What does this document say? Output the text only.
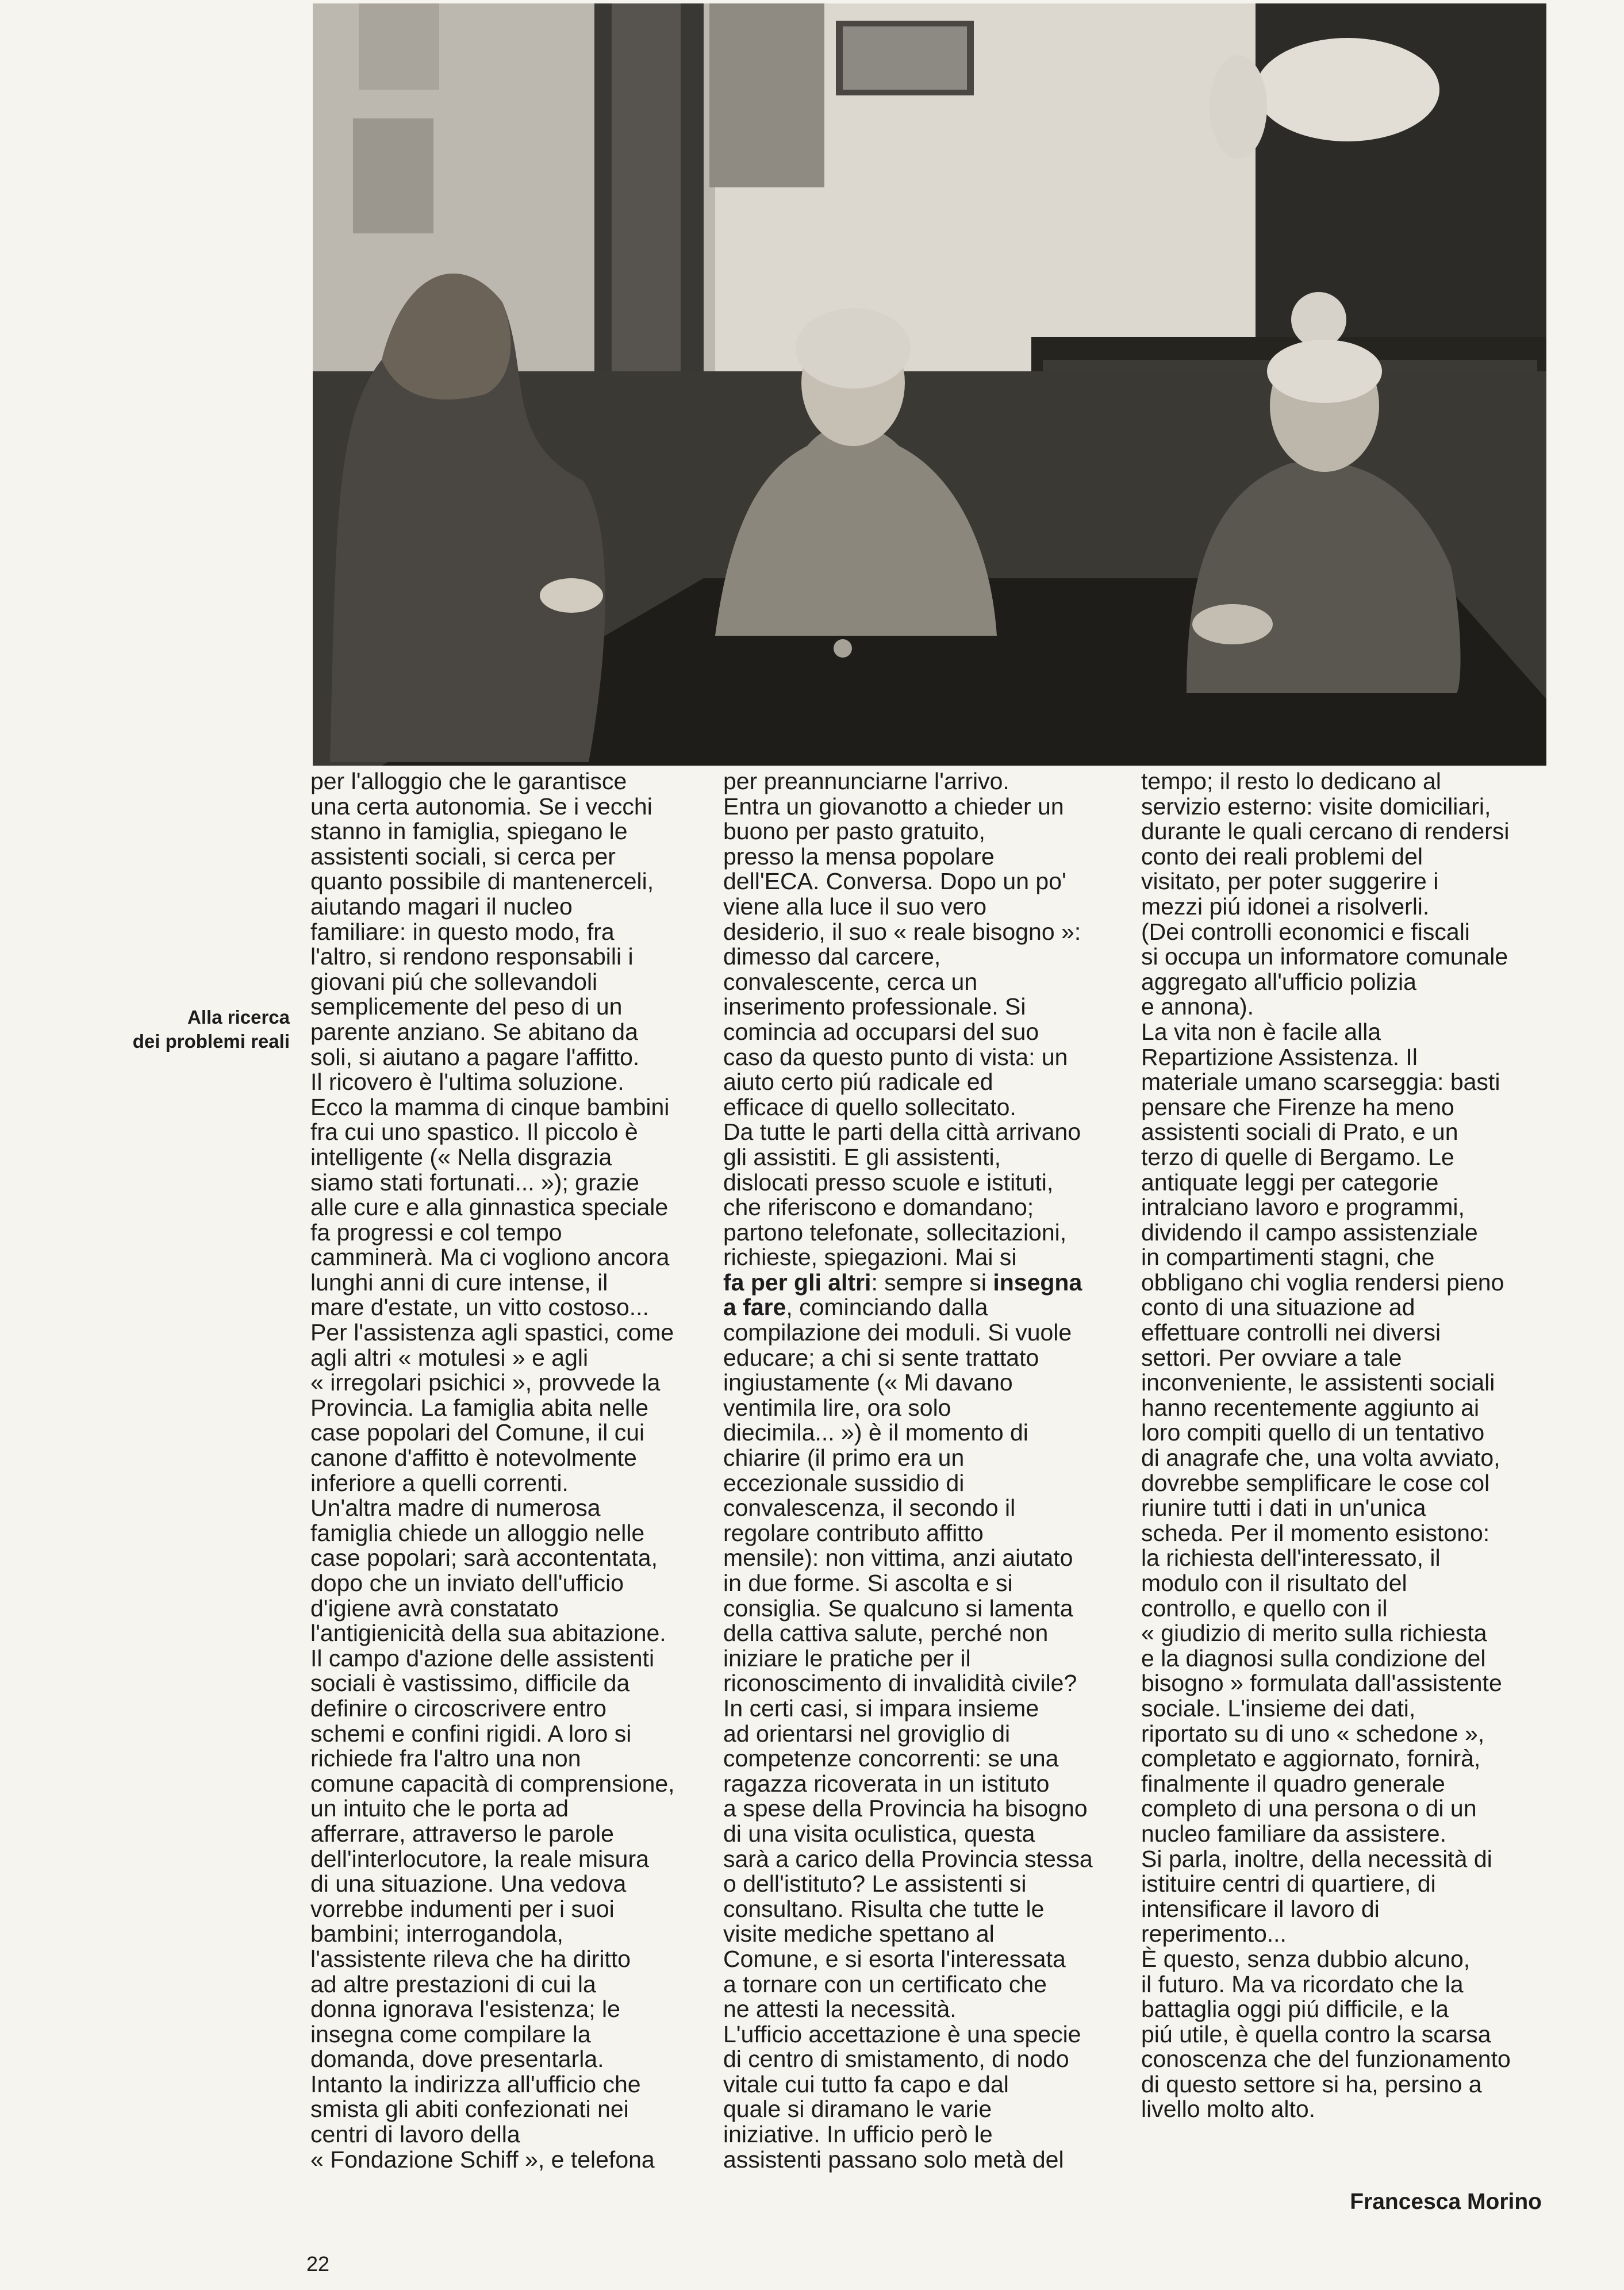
Alla ricerca
dei problemi reali
per l'alloggio che le garantisce
una certa autonomia. Se i vecchi
stanno in famiglia, spiegano le
assistenti sociali, si cerca per
quanto possibile di mantenerceli,
aiutando magari il nucleo
familiare: in questo modo, fra
l'altro, si rendono responsabili i
giovani piú che sollevandoli
semplicemente del peso di un
parente anziano. Se abitano da
soli, si aiutano a pagare l'affitto.
Il ricovero è l'ultima soluzione.
Ecco la mamma di cinque bambini
fra cui uno spastico. Il piccolo è
intelligente (« Nella disgrazia
siamo stati fortunati... »); grazie
alle cure e alla ginnastica speciale
fa progressi e col tempo
camminerà. Ma ci vogliono ancora
lunghi anni di cure intense, il
mare d'estate, un vitto costoso...
Per l'assistenza agli spastici, come
agli altri « motulesi » e agli
« irregolari psichici », provvede la
Provincia. La famiglia abita nelle
case popolari del Comune, il cui
canone d'affitto è notevolmente
inferiore a quelli correnti.
Un'altra madre di numerosa
famiglia chiede un alloggio nelle
case popolari; sarà accontentata,
dopo che un inviato dell'ufficio
d'igiene avrà constatato
l'antigienicità della sua abitazione.
Il campo d'azione delle assistenti
sociali è vastissimo, difficile da
definire o circoscrivere entro
schemi e confini rigidi. A loro si
richiede fra l'altro una non
comune capacità di comprensione,
un intuito che le porta ad
afferrare, attraverso le parole
dell'interlocutore, la reale misura
di una situazione. Una vedova
vorrebbe indumenti per i suoi
bambini; interrogandola,
l'assistente rileva che ha diritto
ad altre prestazioni di cui la
donna ignorava l'esistenza; le
insegna come compilare la
domanda, dove presentarla.
Intanto la indirizza all'ufficio che
smista gli abiti confezionati nei
centri di lavoro della
« Fondazione Schiff », e telefona
per preannunciarne l'arrivo.
Entra un giovanotto a chieder un
buono per pasto gratuito,
presso la mensa popolare
dell'ECA. Conversa. Dopo un po'
viene alla luce il suo vero
desiderio, il suo « reale bisogno »:
dimesso dal carcere,
convalescente, cerca un
inserimento professionale. Si
comincia ad occuparsi del suo
caso da questo punto di vista: un
aiuto certo piú radicale ed
efficace di quello sollecitato.
Da tutte le parti della città arrivano
gli assistiti. E gli assistenti,
dislocati presso scuole e istituti,
che riferiscono e domandano;
partono telefonate, sollecitazioni,
richieste, spiegazioni. Mai si
fa per gli altri: sempre si insegna
a fare, cominciando dalla
compilazione dei moduli. Si vuole
educare; a chi si sente trattato
ingiustamente (« Mi davano
ventimila lire, ora solo
diecimila... ») è il momento di
chiarire (il primo era un
eccezionale sussidio di
convalescenza, il secondo il
regolare contributo affitto
mensile): non vittima, anzi aiutato
in due forme. Si ascolta e si
consiglia. Se qualcuno si lamenta
della cattiva salute, perché non
iniziare le pratiche per il
riconoscimento di invalidità civile?
In certi casi, si impara insieme
ad orientarsi nel groviglio di
competenze concorrenti: se una
ragazza ricoverata in un istituto
a spese della Provincia ha bisogno
di una visita oculistica, questa
sarà a carico della Provincia stessa
o dell'istituto? Le assistenti si
consultano. Risulta che tutte le
visite mediche spettano al
Comune, e si esorta l'interessata
a tornare con un certificato che
ne attesti la necessità.
L'ufficio accettazione è una specie
di centro di smistamento, di nodo
vitale cui tutto fa capo e dal
quale si diramano le varie
iniziative. In ufficio però le
assistenti passano solo metà del
tempo; il resto lo dedicano al
servizio esterno: visite domiciliari,
durante le quali cercano di rendersi
conto dei reali problemi del
visitato, per poter suggerire i
mezzi piú idonei a risolverli.
(Dei controlli economici e fiscali
si occupa un informatore comunale
aggregato all'ufficio polizia
e annona).
La vita non è facile alla
Repartizione Assistenza. Il
materiale umano scarseggia: basti
pensare che Firenze ha meno
assistenti sociali di Prato, e un
terzo di quelle di Bergamo. Le
antiquate leggi per categorie
intralciano lavoro e programmi,
dividendo il campo assistenziale
in compartimenti stagni, che
obbligano chi voglia rendersi pieno
conto di una situazione ad
effettuare controlli nei diversi
settori. Per ovviare a tale
inconveniente, le assistenti sociali
hanno recentemente aggiunto ai
loro compiti quello di un tentativo
di anagrafe che, una volta avviato,
dovrebbe semplificare le cose col
riunire tutti i dati in un'unica
scheda. Per il momento esistono:
la richiesta dell'interessato, il
modulo con il risultato del
controllo, e quello con il
« giudizio di merito sulla richiesta
e la diagnosi sulla condizione del
bisogno » formulata dall'assistente
sociale. L'insieme dei dati,
riportato su di uno « schedone »,
completato e aggiornato, fornirà,
finalmente il quadro generale
completo di una persona o di un
nucleo familiare da assistere.
Si parla, inoltre, della necessità di
istituire centri di quartiere, di
intensificare il lavoro di
reperimento...
È questo, senza dubbio alcuno,
il futuro. Ma va ricordato che la
battaglia oggi piú difficile, e la
piú utile, è quella contro la scarsa
conoscenza che del funzionamento
di questo settore si ha, persino a
livello molto alto.
Francesca Morino
22
